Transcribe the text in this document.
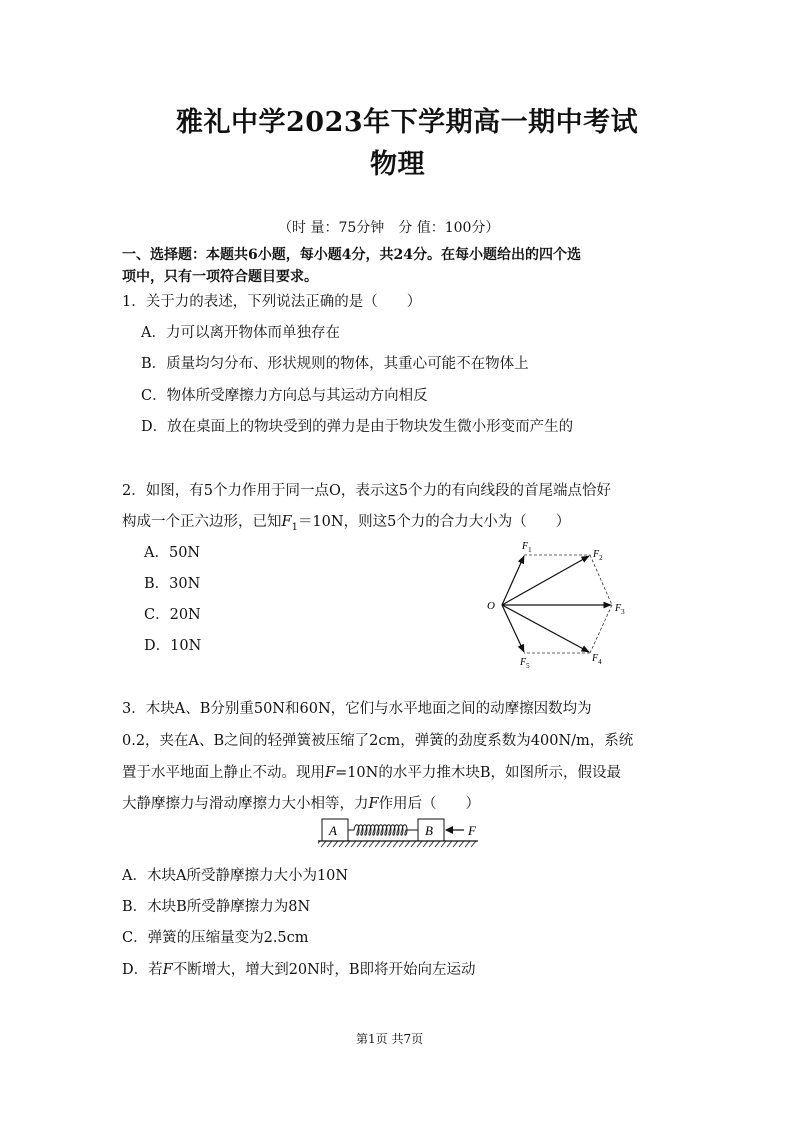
雅礼中学2023年下学期高一期中考试
物理
（时 量：75分钟　分 值：100分）
一、选择题：本题共6小题，每小题4分，共24分。在每小题给出的四个选
项中，只有一项符合题目要求。
1．关于力的表述，下列说法正确的是（　　）
A．力可以离开物体而单独存在
B．质量均匀分布、形状规则的物体，其重心可能不在物体上
C．物体所受摩擦力方向总与其运动方向相反
D．放在桌面上的物块受到的弹力是由于物块发生微小形变而产生的
2．如图，有5个力作用于同一点O，表示这5个力的有向线段的首尾端点恰好
构成一个正六边形，已知$F_1=10N$，则这5个力的合力大小为（　　）
A．50N
B．30N
C．20N
D．10N
O
$F_1$	$F_2$
$F_3$
$F_4$
$F_5$
3．木块A、B分别重50N和60N，它们与水平地面之间的动摩擦因数均为
0.2，夹在A、B之间的轻弹簧被压缩了2cm，弹簧的劲度系数为400N/m，系统
置于水平地面上静止不动。现用F=10N的水平力推木块B，如图所示，假设最
大静摩擦力与滑动摩擦力大小相等，力F作用后（　　）
A	B	F
A．木块A所受静摩擦力大小为10N
B．木块B所受静摩擦力为8N
C．弹簧的压缩量变为2.5cm
D．若F不断增大，增大到20N时，B即将开始向左运动
第1页 共7页
